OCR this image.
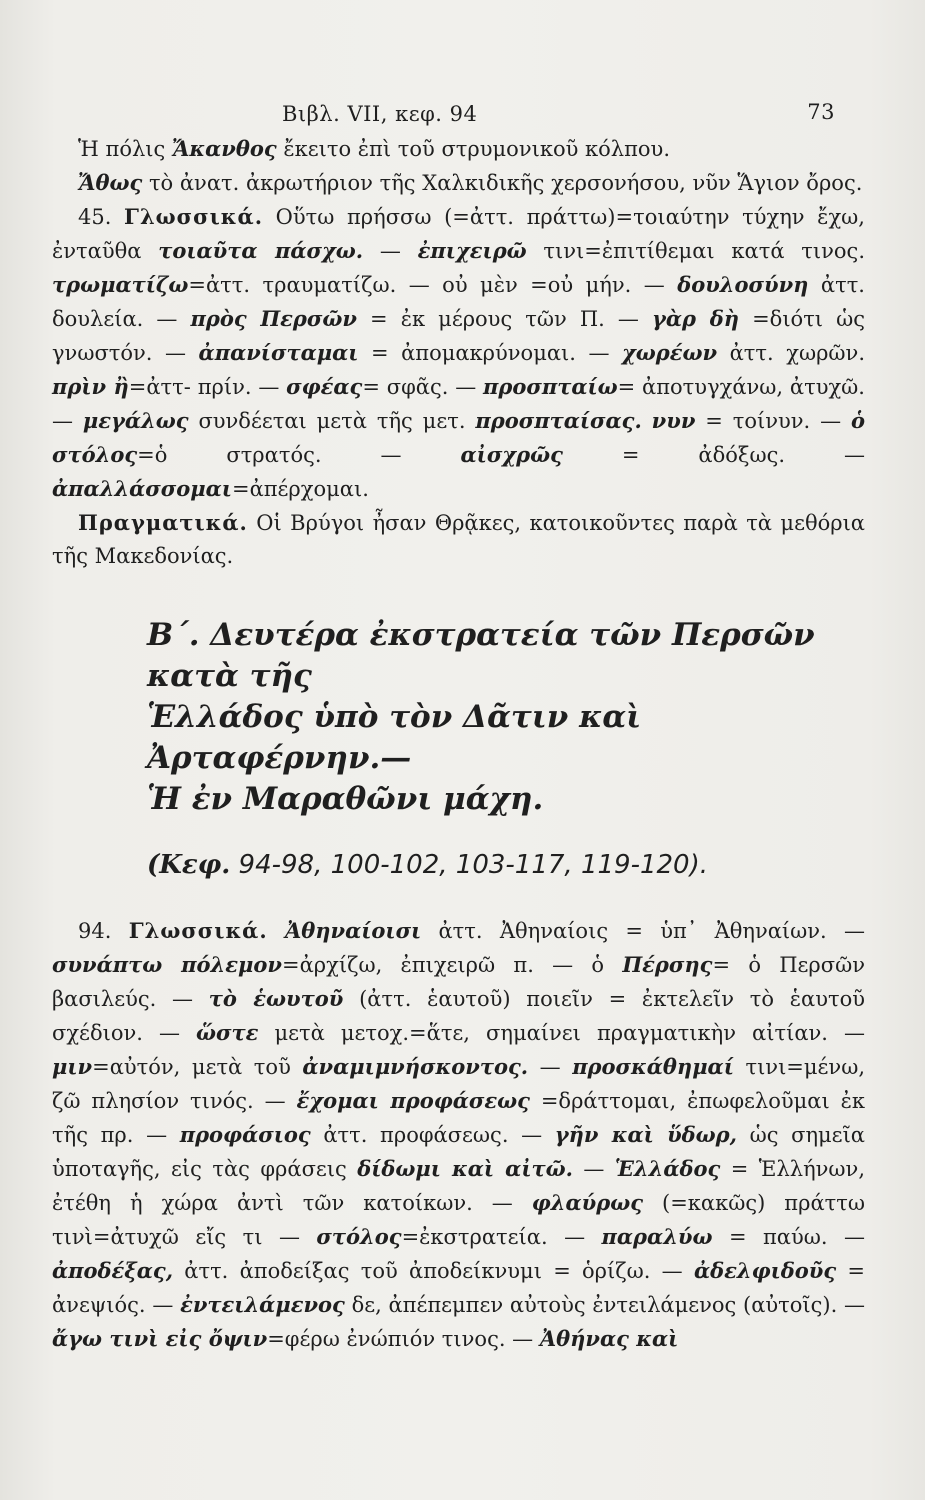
Βιβλ. VII, κεφ. 94	73

Ἡ πόλις Ἄκανθος ἔκειτο ἐπὶ τοῦ στρυμονικοῦ κόλπου.

Ἄθως τὸ ἀνατ. ἀκρωτήριον τῆς Χαλκιδικῆς χερσονήσου, νῦν Ἅγιον ὄρος.

45. Γλωσσικά. Οὕτω πρήσσω (=ἀττ. πράττω)=τοιαύτην τύχην ἔχω, ἐνταῦθα τοιαῦτα πάσχω. — ἐπιχειρῶ τινι=ἐπιτίθεμαι κατά τινος. τρωματίζω=ἀττ. τραυματίζω. — οὐ μὲν =οὐ μήν. — δουλοσύνη ἀττ. δουλεία. — πρὸς Περσῶν = ἐκ μέρους τῶν Π. — γὰρ δὴ =διότι ὡς γνωστόν. — ἀπανίσταμαι = ἀπομακρύνομαι. — χωρέων ἀττ. χωρῶν. πρὶν ἢ=ἀττ- πρίν. — σφέας= σφᾶς. — προσπταίω= ἀποτυγχάνω, ἀτυχῶ. — μεγάλως συνδέεται μετὰ τῆς μετ. προσπταίσας. νυν = τοίνυν. — ὁ στόλος=ὁ στρατός. — αἰσχρῶς = ἀδόξως. — ἀπαλλάσσομαι=ἀπέρχομαι.

Πραγματικά. Οἱ Βρύγοι ἦσαν Θρᾷκες, κατοικοῦντες παρὰ τὰ μεθόρια τῆς Μακεδονίας.

Β΄. Δευτέρα ἐκστρατεία τῶν Περσῶν κατὰ τῆς
Ἑλλάδος ὑπὸ τὸν Δᾶτιν καὶ Ἀρταφέρνην.—
Ἡ ἐν Μαραθῶνι μάχη.
(Κεφ. 94-98, 100-102, 103-117, 119-120).

94. Γλωσσικά. Ἀθηναίοισι ἀττ. Ἀθηναίοις = ὑπ᾽ Ἀθηναίων. — συνάπτω πόλεμον=ἀρχίζω, ἐπιχειρῶ π. — ὁ Πέρσης= ὁ Περσῶν βασιλεύς. — τὸ ἑωυτοῦ (ἀττ. ἑαυτοῦ) ποιεῖν = ἐκτελεῖν τὸ ἑαυτοῦ σχέδιον. — ὥστε μετὰ μετοχ.=ἅτε, σημαίνει πραγματικὴν αἰτίαν. — μιν=αὐτόν, μετὰ τοῦ ἀναμιμνήσκοντος. — προσκάθημαί τινι=μένω, ζῶ πλησίον τινός. — ἔχομαι προφάσεως =δράττομαι, ἐπωφελοῦμαι ἐκ τῆς πρ. — προφάσιος ἀττ. προφάσεως. — γῆν καὶ ὕδωρ, ὡς σημεῖα ὑποταγῆς, εἰς τὰς φράσεις δίδωμι καὶ αἰτῶ. — Ἑλλάδος = Ἑλλήνων, ἐτέθη ἡ χώρα ἀντὶ τῶν κατοίκων. — φλαύρως (=κακῶς) πράττω τινὶ=ἀτυχῶ εἴς τι — στόλος=ἐκστρατεία. — παραλύω = παύω. — ἀποδέξας, ἀττ. ἀποδείξας τοῦ ἀποδείκνυμι = ὁρίζω. — ἀδελφιδοῦς = ἀνεψιός. — ἐντειλάμενος δε, ἀπέπεμπεν αὐτοὺς ἐντειλάμενος (αὐτοῖς). — ἄγω τινὶ εἰς ὄψιν=φέρω ἐνώπιόν τινος. — Ἀθήνας καὶ
